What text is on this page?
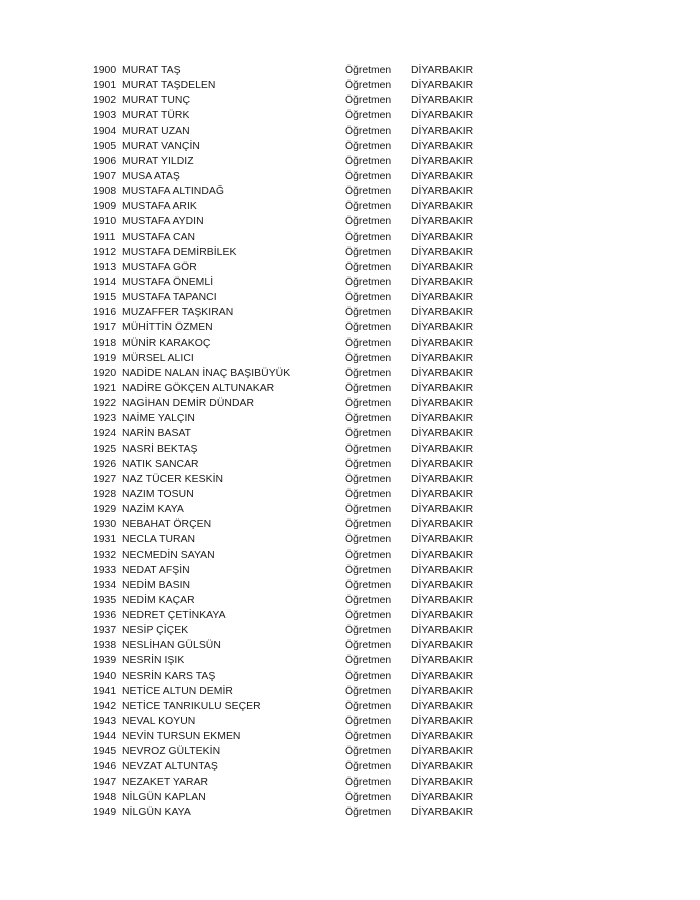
1900 MURAT TAŞ	Öğretmen DİYARBAKIR
1901 MURAT TAŞDELEN	Öğretmen DİYARBAKIR
1902 MURAT TUNÇ	Öğretmen DİYARBAKIR
1903 MURAT TÜRK	Öğretmen DİYARBAKIR
1904 MURAT UZAN	Öğretmen DİYARBAKIR
1905 MURAT VANÇİN	Öğretmen DİYARBAKIR
1906 MURAT YILDIZ	Öğretmen DİYARBAKIR
1907 MUSA ATAŞ	Öğretmen DİYARBAKIR
1908 MUSTAFA ALTINDAĞ	Öğretmen DİYARBAKIR
1909 MUSTAFA ARIK	Öğretmen DİYARBAKIR
1910 MUSTAFA AYDIN	Öğretmen DİYARBAKIR
1911 MUSTAFA CAN	Öğretmen DİYARBAKIR
1912 MUSTAFA DEMİRBİLEK	Öğretmen DİYARBAKIR
1913 MUSTAFA GÖR	Öğretmen DİYARBAKIR
1914 MUSTAFA ÖNEMLİ	Öğretmen DİYARBAKIR
1915 MUSTAFA TAPANCI	Öğretmen DİYARBAKIR
1916 MUZAFFER TAŞKIRAN	Öğretmen DİYARBAKIR
1917 MÜHİTTİN ÖZMEN	Öğretmen DİYARBAKIR
1918 MÜNİR KARAKOÇ	Öğretmen DİYARBAKIR
1919 MÜRSEL ALICI	Öğretmen DİYARBAKIR
1920 NADİDE NALAN İNAÇ BAŞIBÜYÜK	Öğretmen DİYARBAKIR
1921 NADİRE GÖKÇEN ALTUNAKAR	Öğretmen DİYARBAKIR
1922 NAGİHAN DEMİR DÜNDAR	Öğretmen DİYARBAKIR
1923 NAİME YALÇIN	Öğretmen DİYARBAKIR
1924 NARİN BASAT	Öğretmen DİYARBAKIR
1925 NASRİ BEKTAŞ	Öğretmen DİYARBAKIR
1926 NATIK SANCAR	Öğretmen DİYARBAKIR
1927 NAZ TÜCER KESKİN	Öğretmen DİYARBAKIR
1928 NAZIM TOSUN	Öğretmen DİYARBAKIR
1929 NAZİM KAYA	Öğretmen DİYARBAKIR
1930 NEBAHAT ÖRÇEN	Öğretmen DİYARBAKIR
1931 NECLA TURAN	Öğretmen DİYARBAKIR
1932 NECMEDİN SAYAN	Öğretmen DİYARBAKIR
1933 NEDAT AFŞİN	Öğretmen DİYARBAKIR
1934 NEDİM BASIN	Öğretmen DİYARBAKIR
1935 NEDİM KAÇAR	Öğretmen DİYARBAKIR
1936 NEDRET ÇETİNKAYA	Öğretmen DİYARBAKIR
1937 NESİP ÇİÇEK	Öğretmen DİYARBAKIR
1938 NESLİHAN GÜLSÜN	Öğretmen DİYARBAKIR
1939 NESRİN IŞIK	Öğretmen DİYARBAKIR
1940 NESRİN KARS TAŞ	Öğretmen DİYARBAKIR
1941 NETİCE ALTUN DEMİR	Öğretmen DİYARBAKIR
1942 NETİCE TANRIKULU SEÇER	Öğretmen DİYARBAKIR
1943 NEVAL KOYUN	Öğretmen DİYARBAKIR
1944 NEVİN TURSUN EKMEN	Öğretmen DİYARBAKIR
1945 NEVROZ GÜLTEKİN	Öğretmen DİYARBAKIR
1946 NEVZAT ALTUNTAŞ	Öğretmen DİYARBAKIR
1947 NEZAKET YARAR	Öğretmen DİYARBAKIR
1948 NİLGÜN KAPLAN	Öğretmen DİYARBAKIR
1949 NİLGÜN KAYA	Öğretmen DİYARBAKIR
